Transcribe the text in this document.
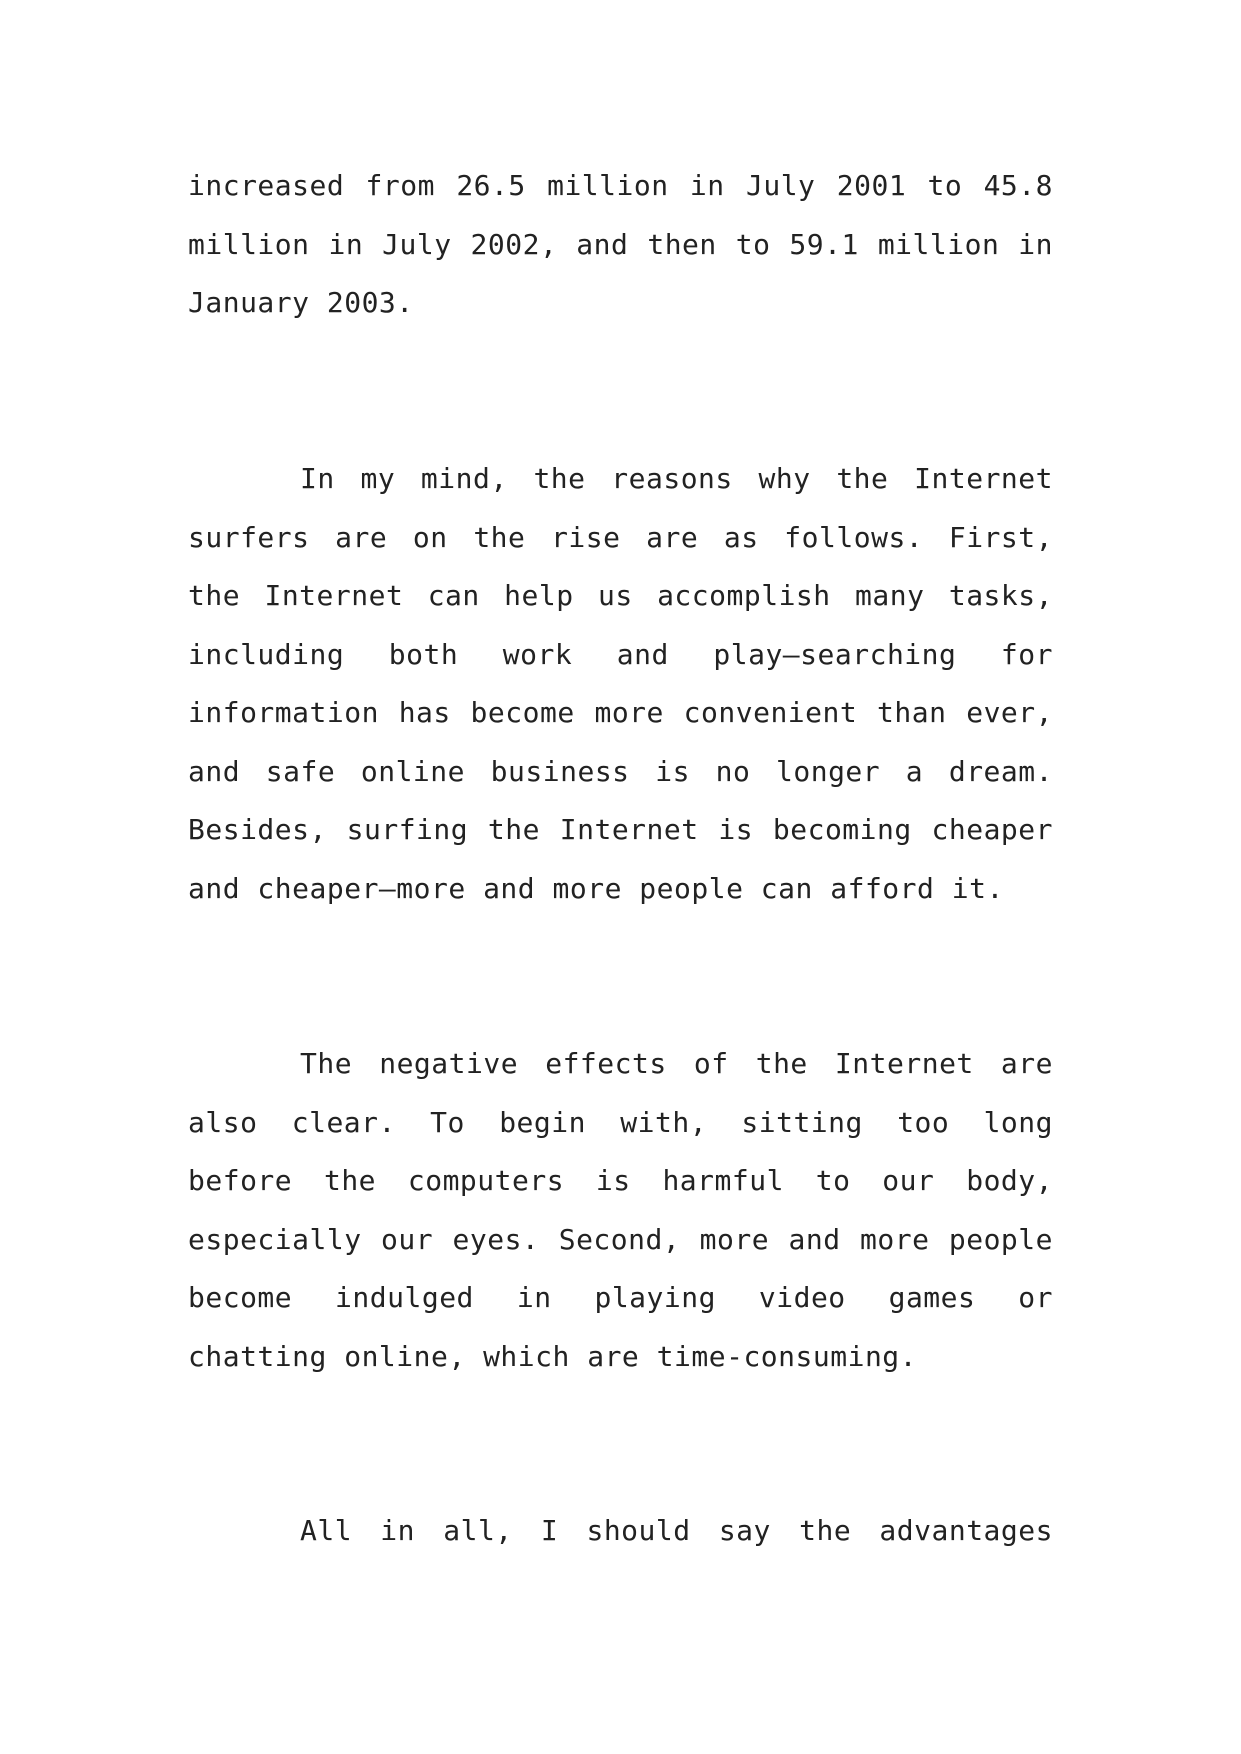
increased from 26.5 million in July 2001 to 45.8 million in July 2002, and then to 59.1 million in January 2003.

In my mind, the reasons why the Internet surfers are on the rise are as follows. First, the Internet can help us accomplish many tasks, including both work and play—searching for information has become more convenient than ever, and safe online business is no longer a dream. Besides, surfing the Internet is becoming cheaper and cheaper—more and more people can afford it.

The negative effects of the Internet are also clear. To begin with, sitting too long before the computers is harmful to our body, especially our eyes. Second, more and more people become indulged in playing video games or chatting online, which are time-consuming.

All in all, I should say the advantages
